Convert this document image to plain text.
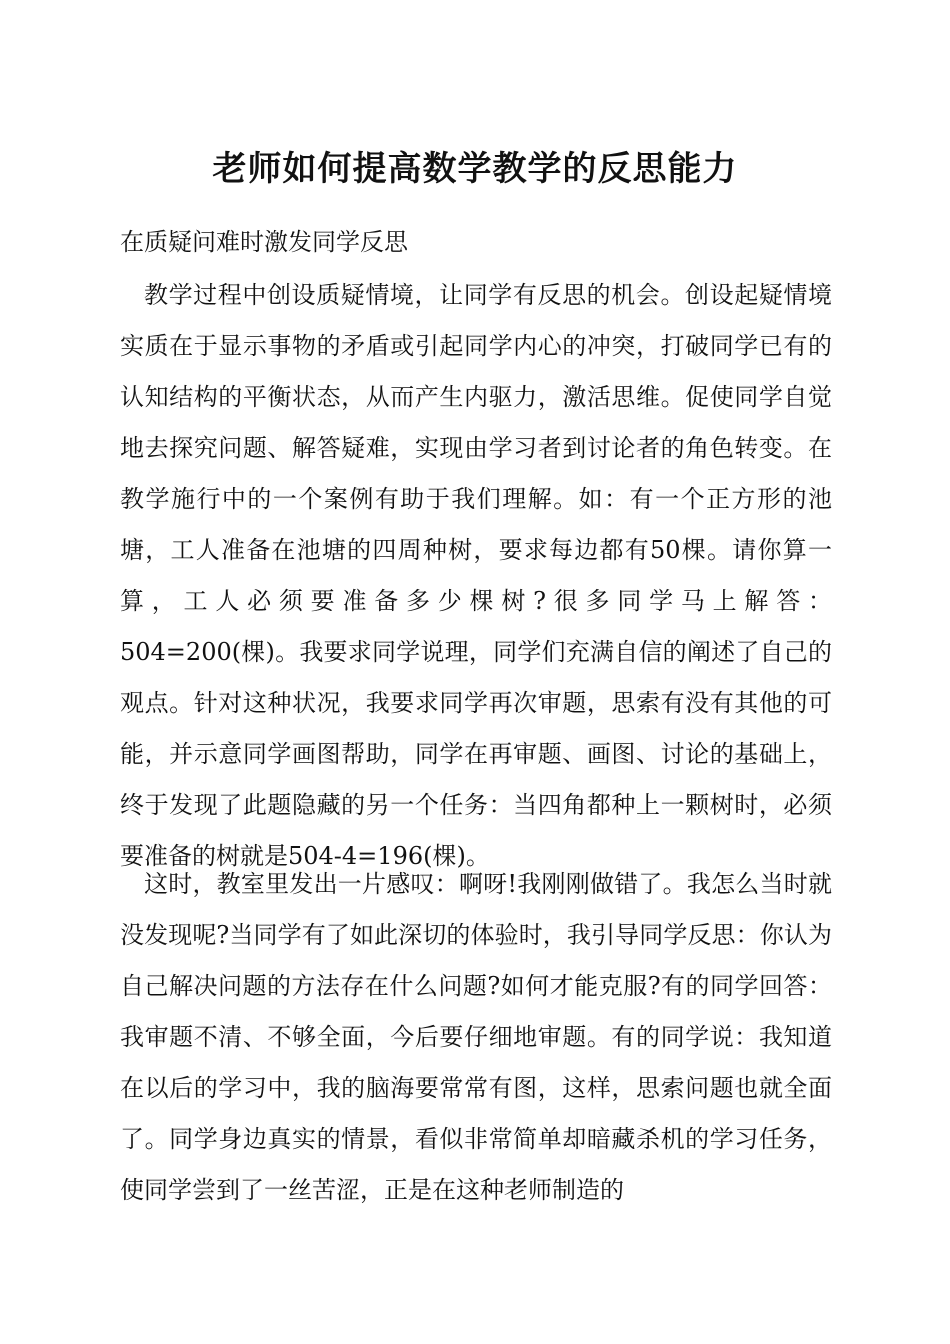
老师如何提高数学教学的反思能力

在质疑问难时激发同学反思

教学过程中创设质疑情境，让同学有反思的机会。创设起疑情境实质在于显示事物的矛盾或引起同学内心的冲突，打破同学已有的认知结构的平衡状态，从而产生内驱力，激活思维。促使同学自觉地去探究问题、解答疑难，实现由学习者到讨论者的角色转变。在教学施行中的一个案例有助于我们理解。如：有一个正方形的池塘，工人准备在池塘的四周种树，要求每边都有50棵。请你算一算，工人必须要准备多少棵树?很多同学马上解答：504=200(棵)。我要求同学说理，同学们充满自信的阐述了自己的观点。针对这种状况，我要求同学再次审题，思索有没有其他的可能，并示意同学画图帮助，同学在再审题、画图、讨论的基础上，终于发现了此题隐藏的另一个任务：当四角都种上一颗树时，必须要准备的树就是504-4=196(棵)。

这时，教室里发出一片感叹：啊呀!我刚刚做错了。我怎么当时就没发现呢?当同学有了如此深切的体验时，我引导同学反思：你认为自己解决问题的方法存在什么问题?如何才能克服?有的同学回答：我审题不清、不够全面，今后要仔细地审题。有的同学说：我知道在以后的学习中，我的脑海要常常有图，这样，思索问题也就全面了。同学身边真实的情景，看似非常简单却暗藏杀机的学习任务，使同学尝到了一丝苦涩，正是在这种老师制造的
